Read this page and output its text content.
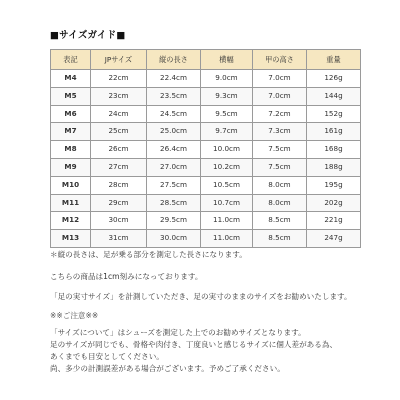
■サイズガイド■
表記	JPサイズ	縦の長さ	横幅	甲の高さ	重量
M4	22cm	22.4cm	9.0cm	7.0cm	126g
M5	23cm	23.5cm	9.3cm	7.0cm	144g
M6	24cm	24.5cm	9.5cm	7.2cm	152g
M7	25cm	25.0cm	9.7cm	7.3cm	161g
M8	26cm	26.4cm	10.0cm	7.5cm	168g
M9	27cm	27.0cm	10.2cm	7.5cm	188g
M10	28cm	27.5cm	10.5cm	8.0cm	195g
M11	29cm	28.5cm	10.7cm	8.0cm	202g
M12	30cm	29.5cm	11.0cm	8.5cm	221g
M13	31cm	30.0cm	11.0cm	8.5cm	247g
＊縦の長さは、足が乗る部分を測定した長さになります。
こちらの商品は1cm刻みになっております。
「足の実寸サイズ」を計測していただき、足の実寸のままのサイズをお勧めいたします。
※※ご注意※※
「サイズについて」はシューズを測定した上でのお勧めサイズとなります。
足のサイズが同じでも、骨格や肉付き、丁度良いと感じるサイズに個人差がある為、
あくまでも目安としてください。
尚、多少の計測誤差がある場合がございます。予めご了承ください。
